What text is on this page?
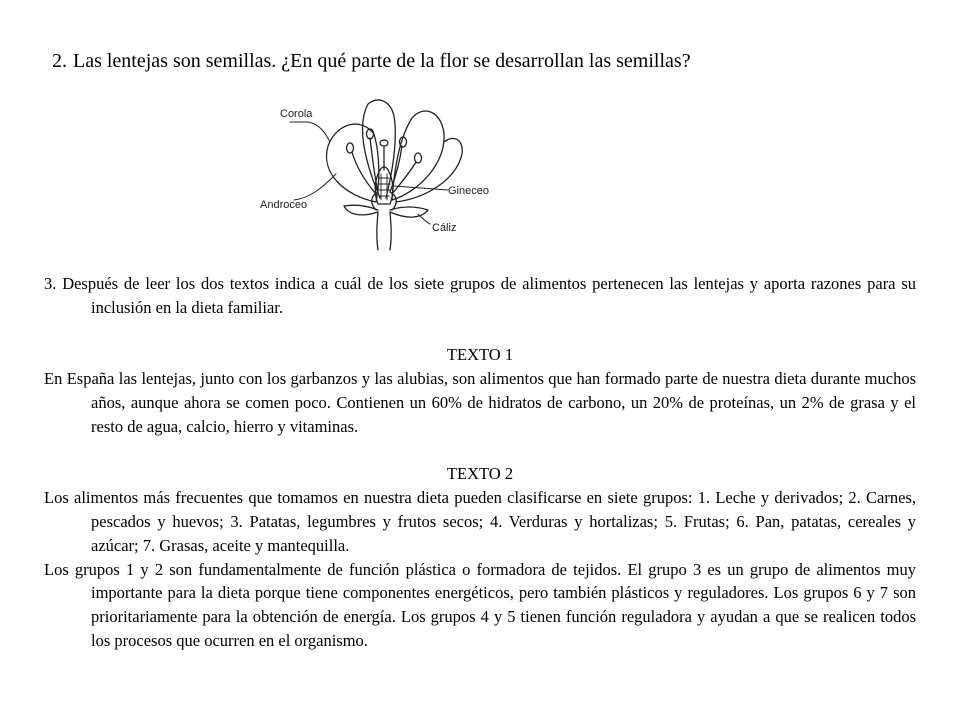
2. Las lentejas son semillas. ¿En qué parte de la flor se desarrollan las semillas?
Corola
Androceo
Gineceo
Cáliz

3. Después de leer los dos textos indica a cuál de los siete grupos de alimentos pertenecen las lentejas y aporta razones para su inclusión en la dieta familiar.

TEXTO 1

En España las lentejas, junto con los garbanzos y las alubias, son alimentos que han formado parte de nuestra dieta durante muchos años, aunque ahora se comen poco. Contienen un 60% de hidratos de carbono, un 20% de proteínas, un 2% de grasa y el resto de agua, calcio, hierro y vitaminas.

TEXTO 2

Los alimentos más frecuentes que tomamos en nuestra dieta pueden clasificarse en siete grupos: 1. Leche y derivados; 2. Carnes, pescados y huevos; 3. Patatas, legumbres y frutos secos; 4. Verduras y hortalizas; 5. Frutas; 6. Pan, patatas, cereales y azúcar; 7. Grasas, aceite y mantequilla.

Los grupos 1 y 2 son fundamentalmente de función plástica o formadora de tejidos. El grupo 3 es un grupo de alimentos muy importante para la dieta porque tiene componentes energéticos, pero también plásticos y reguladores. Los grupos 6 y 7 son prioritariamente para la obtención de energía. Los grupos 4 y 5 tienen función reguladora y ayudan a que se realicen todos los procesos que ocurren en el organismo.
